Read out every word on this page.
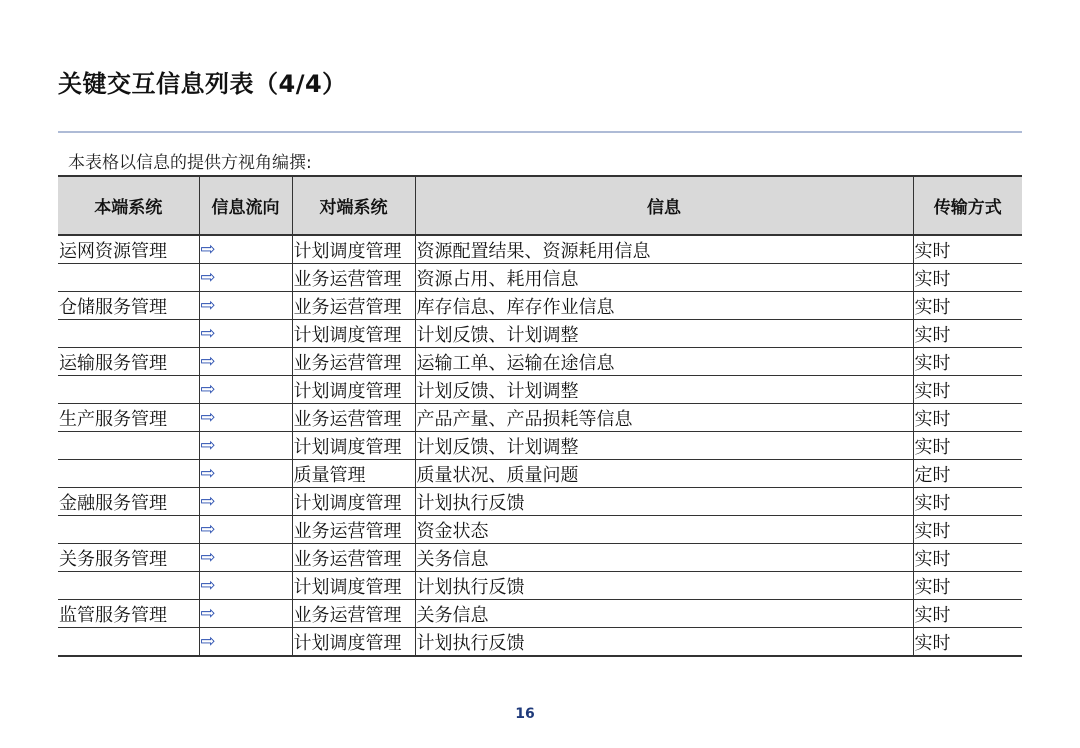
关键交互信息列表（4/4）
本表格以信息的提供方视角编撰:
本端系统	信息流向	对端系统	信息	传输方式
运网资源管理	⇨	计划调度管理	资源配置结果、资源耗用信息	实时
	⇨	业务运营管理	资源占用、耗用信息	实时
仓储服务管理	⇨	业务运营管理	库存信息、库存作业信息	实时
	⇨	计划调度管理	计划反馈、计划调整	实时
运输服务管理	⇨	业务运营管理	运输工单、运输在途信息	实时
	⇨	计划调度管理	计划反馈、计划调整	实时
生产服务管理	⇨	业务运营管理	产品产量、产品损耗等信息	实时
	⇨	计划调度管理	计划反馈、计划调整	实时
	⇨	质量管理	质量状况、质量问题	定时
金融服务管理	⇨	计划调度管理	计划执行反馈	实时
	⇨	业务运营管理	资金状态	实时
关务服务管理	⇨	业务运营管理	关务信息	实时
	⇨	计划调度管理	计划执行反馈	实时
监管服务管理	⇨	业务运营管理	关务信息	实时
	⇨	计划调度管理	计划执行反馈	实时
16
